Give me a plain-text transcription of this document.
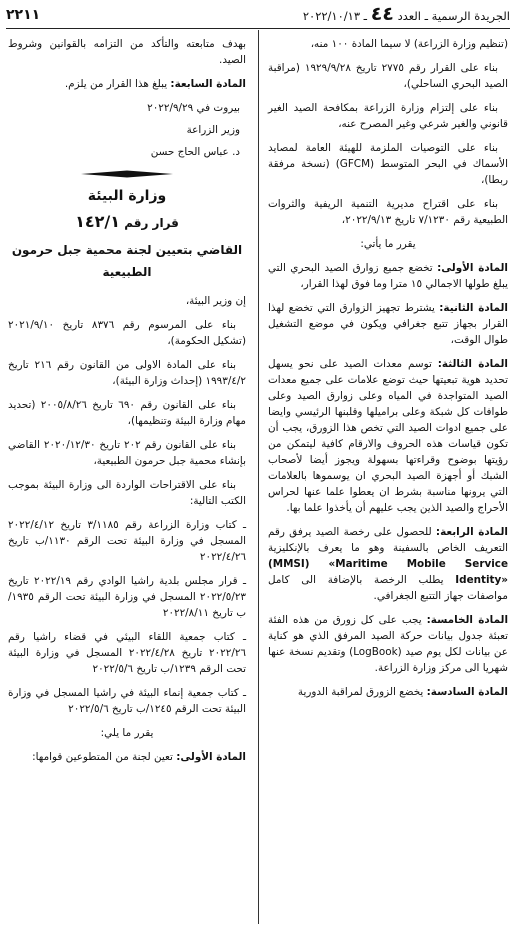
الجريدة الرسمية ـ العدد ٤٤ ـ ٢٠٢٢/١٠/١٣
٢٢١١

(تنظيم وزارة الزراعة) لا سيما المادة ١٠٠ منه،

بناء على القرار رقم ٢٧٧٥ تاريخ ١٩٢٩/٩/٢٨ (مراقبة الصيد البحري الساحلي)،

بناء على إلتزام وزارة الزراعة بمكافحة الصيد الغير قانوني والغير شرعي وغير المصرح عنه،

بناء على التوصيات الملزمة للهيئة العامة لمصايد الأسماك في البحر المتوسط (GFCM) (نسخة مرفقة ربطا)،

بناء على اقتراح مديرية التنمية الريفية والثروات الطبيعية رقم ٧/١٢٣٠ تاريخ ٢٠٢٢/٩/١٣،

يقرر ما يأتي:

المادة الأولى: تخضع جميع زوارق الصيد البحري التي يبلغ طولها الاجمالي ١٥ مترا وما فوق لهذا القرار،

المادة الثانية: يشترط تجهيز الزوارق التي تخضع لهذا القرار بجهاز تتبع جغرافي ويكون في موضع التشغيل طوال الوقت،

المادة الثالثة: توسم معدات الصيد على نحو يسهل تحديد هوية تبعيتها حيث توضع علامات على جميع معدات الصيد المتواجدة في المياه وعلى زوارق الصيد وعلى طوافات كل شبكة وعلى براميلها وقلبنها الرئيسي وايضا على جميع ادوات الصيد التي تخص هذا الزورق، يجب أن تكون قياسات هذه الحروف والارقام كافية ليتمكن من رؤيتها بوضوح وقراءتها بسهولة ويجوز أيضا لأصحاب الشبك أو أجهزة الصيد البحري ان يوسموها بالعلامات التي يرونها مناسبة بشرط ان يعطوا علما عنها لحراس الأحراج والصيد الذين يجب عليهم أن يأخذوا علما بها.

المادة الرابعة: للحصول على رخصة الصيد يرفق رقم التعريف الخاص بالسفينة وهو ما يعرف بالإنكليزية (MMSI) «Maritime Mobile Service Identity» يطلب الرخصة بالإضافة الى كامل مواصفات جهاز التتبع الجغرافي.

المادة الخامسة: يجب على كل زورق من هذه الفئة تعبئة جدول بيانات حركة الصيد المرفق الذي هو كناية عن بيانات لكل يوم صيد (LogBook) وتقديم نسخة عنها شهريا الى مركز وزارة الزراعة.

المادة السادسة: يخضع الزورق لمراقبة الدورية

بهدف متابعته والتأكد من التزامه بالقوانين وشروط الصيد.

المادة السابعة: يبلغ هذا القرار من يلزم.

بيروت في ٢٠٢٢/٩/٢٩

وزير الزراعة

د. عباس الحاج حسن

وزارة البيئة
قرار رقم ١٤٢/١
القاضي بتعيين لجنة محمية جبل حرمون الطبيعية

إن وزير البيئة،

بناء على المرسوم رقم ٨٣٧٦ تاريخ ٢٠٢١/٩/١٠ (تشكيل الحكومة)،

بناء على المادة الاولى من القانون رقم ٢١٦ تاريخ ١٩٩٣/٤/٢ (إحداث وزارة البيئة)،

بناء على القانون رقم ٦٩٠ تاريخ ٢٠٠٥/٨/٢٦ (تحديد مهام وزارة البيئة وتنظيمها)،

بناء على القانون رقم ٢٠٢ تاريخ ٢٠٢٠/١٢/٣٠ القاضي بإنشاء محمية جبل حرمون الطبيعية،

بناء على الاقتراحات الواردة الى وزارة البيئة بموجب الكتب التالية:

ـ كتاب وزارة الزراعة رقم ٣/١١٨٥ تاريخ ٢٠٢٢/٤/١٢ المسجل في وزارة البيئة تحت الرقم ١١٣٠/ب تاريخ ٢٠٢٢/٤/٢٦

ـ قرار مجلس بلدية راشيا الوادي رقم ٢٠٢٢/١٩ تاريخ ٢٠٢٢/٥/٢٣ المسجل في وزارة البيئة تحت الرقم ١٩٣٥/ب تاريخ ٢٠٢٢/٨/١١

ـ كتاب جمعية اللقاء البيئي في قضاء راشيا رقم ٢٠٢٢/٢٦ تاريخ ٢٠٢٢/٤/٢٨ المسجل في وزارة البيئة تحت الرقم ١٢٣٩/ب تاريخ ٢٠٢٢/٥/٦

ـ كتاب جمعية إنماء البيئة في راشيا المسجل في وزارة البيئة تحت الرقم ١٢٤٥/ب تاريخ ٢٠٢٢/٥/٦

يقرر ما يلي:

المادة الأولى: تعين لجنة من المتطوعين قوامها:
